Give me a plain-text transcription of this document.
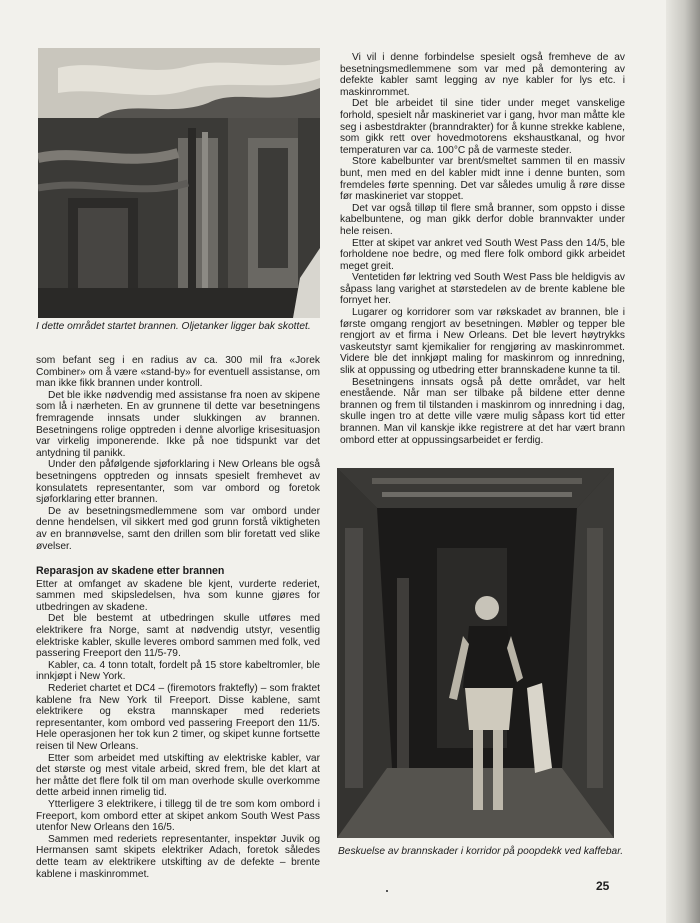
I dette området startet brannen. Oljetanker ligger bak skottet.

som befant seg i en radius av ca. 300 mil fra «Jorek Combiner» om å være «stand-by» for eventuell assistanse, om man ikke fikk brannen under kontroll.

Det ble ikke nødvendig med assistanse fra noen av skipene som lå i nærheten. En av grunnene til dette var besetningens fremragende innsats under slukkingen av brannen. Besetningens rolige opptreden i denne alvorlige krisesituasjon var virkelig imponerende. Ikke på noe tidspunkt var det antydning til panikk.

Under den påfølgende sjøforklaring i New Orleans ble også besetningens opptreden og innsats spesielt fremhevet av konsulatets representanter, som var ombord og foretok sjøforklaring etter brannen.

De av besetningsmedlemmene som var ombord under denne hendelsen, vil sikkert med god grunn forstå viktigheten av en brannøvelse, samt den drillen som blir foretatt ved slike øvelser.

Reparasjon av skadene etter brannen

Etter at omfanget av skadene ble kjent, vurderte rederiet, sammen med skipsledelsen, hva som kunne gjøres for utbedringen av skadene.

Det ble bestemt at utbedringen skulle utføres med elektrikere fra Norge, samt at nødvendig utstyr, vesentlig elektriske kabler, skulle leveres ombord sammen med folk, ved passering Freeport den 11/5-79.

Kabler, ca. 4 tonn totalt, fordelt på 15 store kabeltromler, ble innkjøpt i New York.

Rederiet chartet et DC4 – (firemotors fraktefly) – som fraktet kablene fra New York til Freeport. Disse kablene, samt elektrikere og ekstra mannskaper med rederiets representanter, kom ombord ved passering Freeport den 11/5. Hele operasjonen her tok kun 2 timer, og skipet kunne fortsette reisen til New Orleans.

Etter som arbeidet med utskifting av elektriske kabler, var det største og mest vitale arbeid, skred frem, ble det klart at her måtte det flere folk til om man overhode skulle overkomme dette arbeid innen rimelig tid.

Ytterligere 3 elektrikere, i tillegg til de tre som kom ombord i Freeport, kom ombord etter at skipet ankom South West Pass utenfor New Orleans den 16/5.

Sammen med rederiets representanter, inspektør Juvik og Hermansen samt skipets elektriker Adach, foretok således dette team av elektrikere utskifting av de defekte – brente kablene i maskinrommet.

Vi vil i denne forbindelse spesielt også fremheve de av besetningsmedlemmene som var med på demontering av defekte kabler samt legging av nye kabler for lys etc. i maskinrommet.

Det ble arbeidet til sine tider under meget vanskelige forhold, spesielt når maskineriet var i gang, hvor man måtte kle seg i asbestdrakter (branndrakter) for å kunne strekke kablene, som gikk rett over hovedmotorens ekshaustkanal, og hvor temperaturen var ca. 100°C på de varmeste steder.

Store kabelbunter var brent/smeltet sammen til en massiv bunt, men med en del kabler midt inne i denne bunten, som fremdeles førte spenning. Det var således umulig å røre disse før maskineriet var stoppet.

Det var også tilløp til flere små branner, som oppsto i disse kabelbuntene, og man gikk derfor doble brannvakter under hele reisen.

Etter at skipet var ankret ved South West Pass den 14/5, ble forholdene noe bedre, og med flere folk ombord gikk arbeidet meget greit.

Ventetiden før lektring ved South West Pass ble heldigvis av såpass lang varighet at størstedelen av de brente kablene ble fornyet her.

Lugarer og korridorer som var røkskadet av brannen, ble i første omgang rengjort av besetningen. Møbler og tepper ble rengjort av et firma i New Orleans. Det ble levert høytrykks vaskeutstyr samt kjemikalier for rengjøring av maskinrommet. Videre ble det innkjøpt maling for maskinrom og innredning, slik at oppussing og utbedring etter brannskadene kunne ta til.

Besetningens innsats også på dette området, var helt enestående. Når man ser tilbake på bildene etter denne brannen og frem til tilstanden i maskinrom og innredning i dag, skulle ingen tro at dette ville være mulig såpass kort tid etter brannen. Man vil kanskje ikke registrere at det har vært brann ombord etter at oppussingsarbeidet er ferdig.

Beskuelse av brannskader i korridor på poopdekk ved kaffebar.
25
